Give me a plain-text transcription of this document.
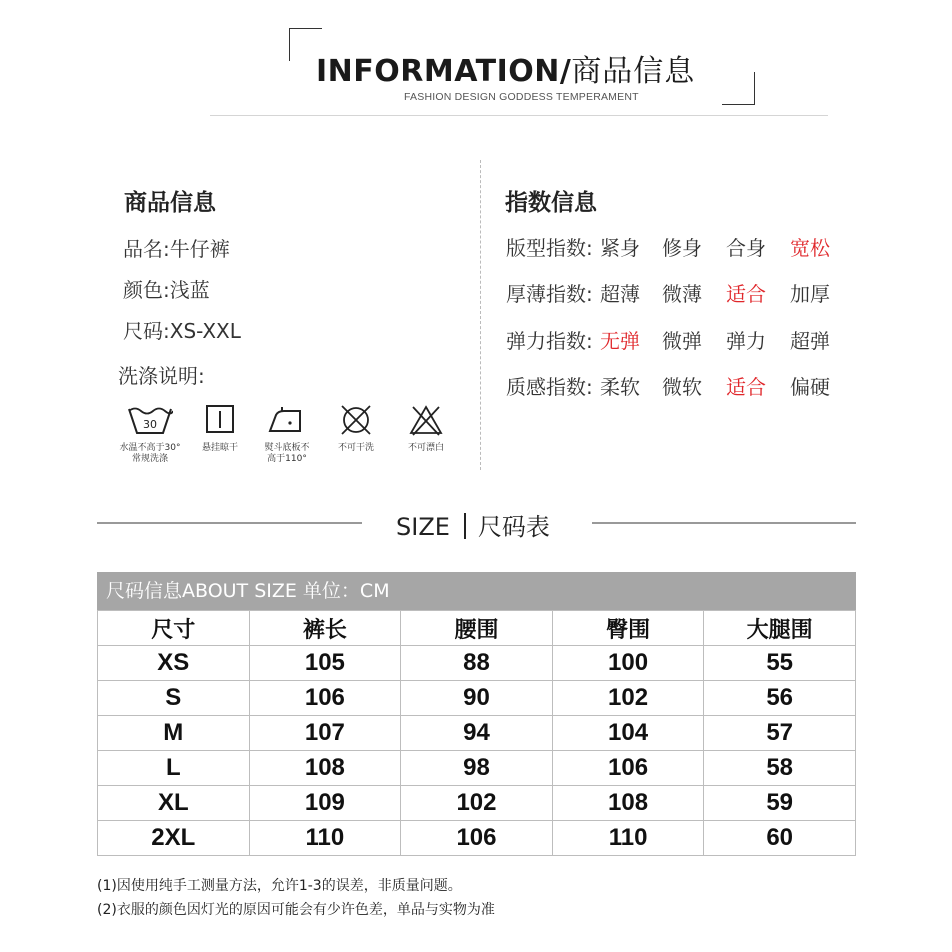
INFORMATION/商品信息
FASHION DESIGN GODDESS TEMPERAMENT
商品信息
品名:牛仔裤
颜色:浅蓝
尺码:XS-XXL
洗涤说明:
30
水温不高于30°
常规洗涤
悬挂晾干	熨斗底板不
高于110°
不可干洗	不可漂白
指数信息
版型指数: 紧身 修身 合身 宽松
厚薄指数: 超薄 微薄 适合 加厚
弹力指数: 无弹 微弹 弹力 超弹
质感指数: 柔软 微软 适合 偏硬
SIZE 尺码表
尺码信息ABOUT SIZE 单位：CM
尺寸	裤长	腰围	臀围	大腿围
XS	105	88	100	55
S	106	90	102	56
M	107	94	104	57
L	108	98	106	58
XL	109	102	108	59
2XL	110	106	110	60
(1)因使用纯手工测量方法，允许1-3的误差，非质量问题。
(2)衣服的颜色因灯光的原因可能会有少许色差，单品与实物为准
